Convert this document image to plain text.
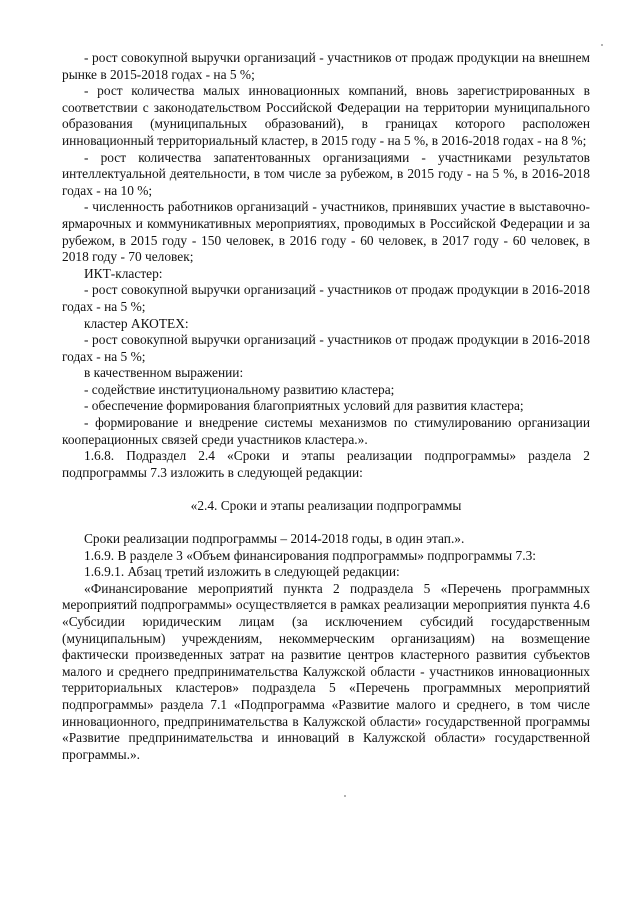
- рост совокупной выручки организаций - участников от продаж продукции на внешнем рынке в 2015-2018 годах - на 5 %;

- рост количества малых инновационных компаний, вновь зарегистрированных в соответствии с законодательством Российской Федерации на территории муниципального образования (муниципальных образований), в границах которого расположен инновационный территориальный кластер, в 2015 году - на 5 %, в 2016-2018 годах - на 8 %;

- рост количества запатентованных организациями - участниками результатов интеллектуальной деятельности, в том числе за рубежом, в 2015 году - на 5 %, в 2016-2018 годах - на 10 %;

- численность работников организаций - участников, принявших участие в выставочно-ярмарочных и коммуникативных мероприятиях, проводимых в Российской Федерации и за рубежом, в 2015 году - 150 человек, в 2016 году - 60 человек, в 2017 году - 60 человек, в 2018 году - 70 человек;

ИКТ-кластер:

- рост совокупной выручки организаций - участников от продаж продукции в 2016-2018 годах - на 5 %;

кластер АКОТЕХ:

- рост совокупной выручки организаций - участников от продаж продукции в 2016-2018 годах - на 5 %;

в качественном выражении:

- содействие институциональному развитию кластера;

- обеспечение формирования благоприятных условий для развития кластера;

- формирование и внедрение системы механизмов по стимулированию организации кооперационных связей среди участников кластера.».

1.6.8. Подраздел 2.4 «Сроки и этапы реализации подпрограммы» раздела 2 подпрограммы 7.3 изложить в следующей редакции:

«2.4. Сроки и этапы реализации подпрограммы

Сроки реализации подпрограммы – 2014-2018 годы, в один этап.».

1.6.9. В разделе 3 «Объем финансирования подпрограммы» подпрограммы 7.3:

1.6.9.1. Абзац третий изложить в следующей редакции:

«Финансирование мероприятий пункта 2 подраздела 5 «Перечень программных мероприятий подпрограммы» осуществляется в рамках реализации мероприятия пункта 4.6 «Субсидии юридическим лицам (за исключением субсидий государственным (муниципальным) учреждениям, некоммерческим организациям) на возмещение фактически произведенных затрат на развитие центров кластерного развития субъектов малого и среднего предпринимательства Калужской области - участников инновационных территориальных кластеров» подраздела 5 «Перечень программных мероприятий подпрограммы» раздела 7.1 «Подпрограмма «Развитие малого и среднего, в том числе инновационного, предпринимательства в Калужской области» государственной программы «Развитие предпринимательства и инноваций в Калужской области» государственной программы.».
